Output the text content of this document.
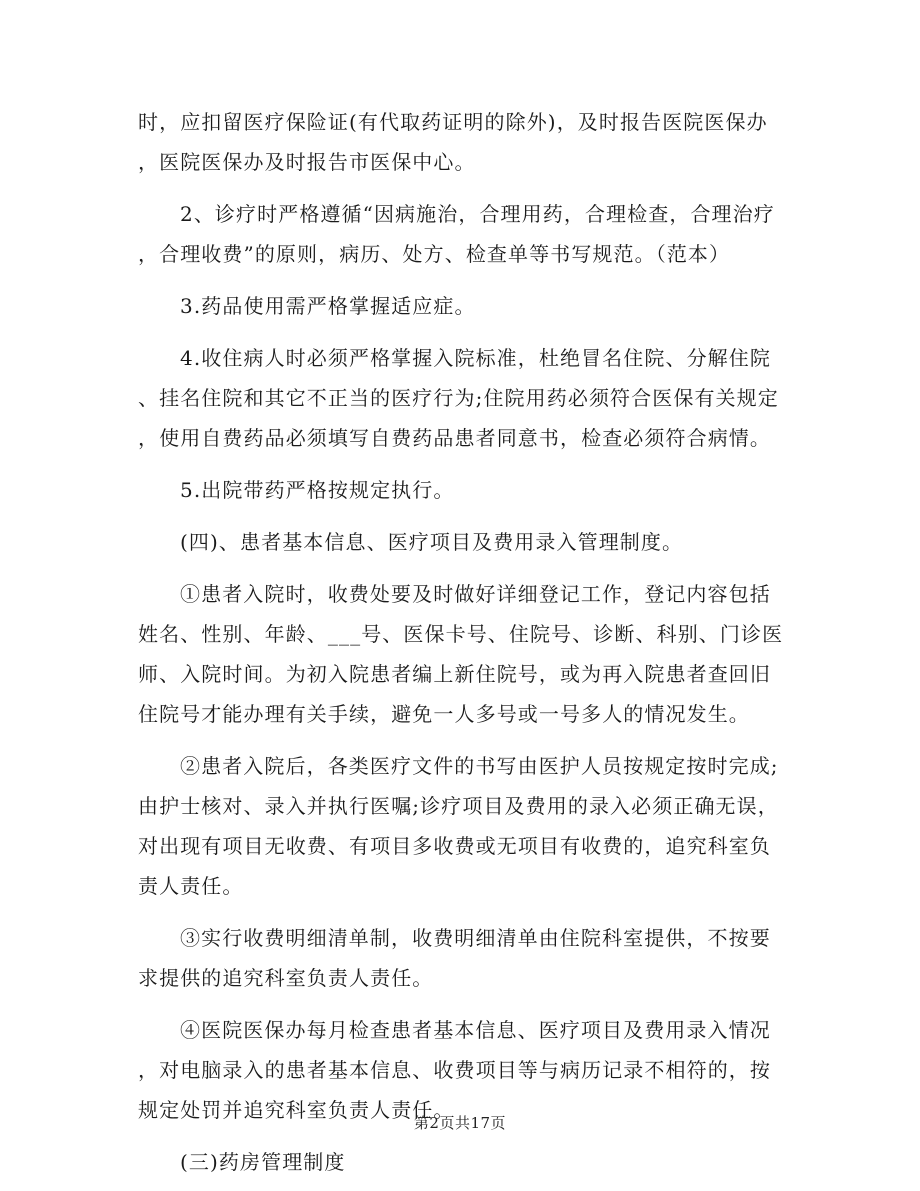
时，应扣留医疗保险证(有代取药证明的除外)，及时报告医院医保办
，医院医保办及时报告市医保中心。
2、诊疗时严格遵循“因病施治，合理用药，合理检查，合理治疗
，合理收费”的原则，病历、处方、检查单等书写规范。（范本）
3.药品使用需严格掌握适应症。
4.收住病人时必须严格掌握入院标准，杜绝冒名住院、分解住院
、挂名住院和其它不正当的医疗行为;住院用药必须符合医保有关规定
，使用自费药品必须填写自费药品患者同意书，检查必须符合病情。
5.出院带药严格按规定执行。
(四)、患者基本信息、医疗项目及费用录入管理制度。
①患者入院时，收费处要及时做好详细登记工作，登记内容包括
姓名、性别、年龄、___号、医保卡号、住院号、诊断、科别、门诊医
师、入院时间。为初入院患者编上新住院号，或为再入院患者查回旧
住院号才能办理有关手续，避免一人多号或一号多人的情况发生。
②患者入院后，各类医疗文件的书写由医护人员按规定按时完成;
由护士核对、录入并执行医嘱;诊疗项目及费用的录入必须正确无误，
对出现有项目无收费、有项目多收费或无项目有收费的，追究科室负
责人责任。
③实行收费明细清单制，收费明细清单由住院科室提供，不按要
求提供的追究科室负责人责任。
④医院医保办每月检查患者基本信息、医疗项目及费用录入情况
，对电脑录入的患者基本信息、收费项目等与病历记录不相符的，按
规定处罚并追究科室负责人责任。
(三)药房管理制度
第2页共17页
